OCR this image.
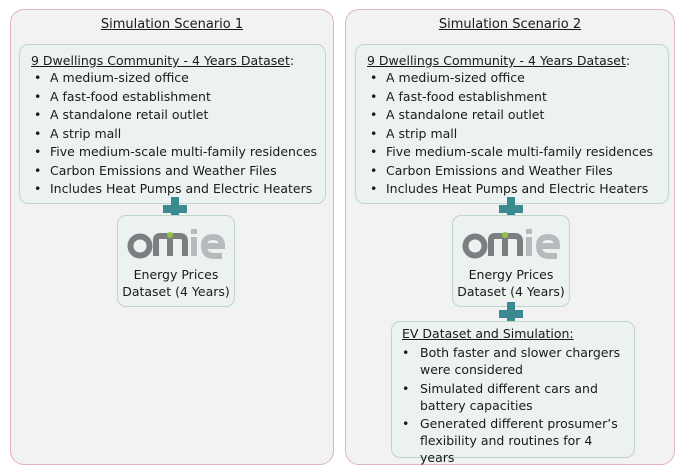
Simulation Scenario 1
9 Dwellings Community - 4 Years Dataset:
• A medium-sized office
• A fast-food establishment
• A standalone retail outlet
• A strip mall
• Five medium-scale multi-family residences
• Carbon Emissions and Weather Files
• Includes Heat Pumps and Electric Heaters
Energy Prices
Dataset (4 Years)
Simulation Scenario 2
9 Dwellings Community - 4 Years Dataset:
• A medium-sized office
• A fast-food establishment
• A standalone retail outlet
• A strip mall
• Five medium-scale multi-family residences
• Carbon Emissions and Weather Files
• Includes Heat Pumps and Electric Heaters
Energy Prices
Dataset (4 Years)
EV Dataset and Simulation:
• Both faster and slower chargers were considered
• Simulated different cars and battery capacities
• Generated different prosumer’s flexibility and routines for 4 years
